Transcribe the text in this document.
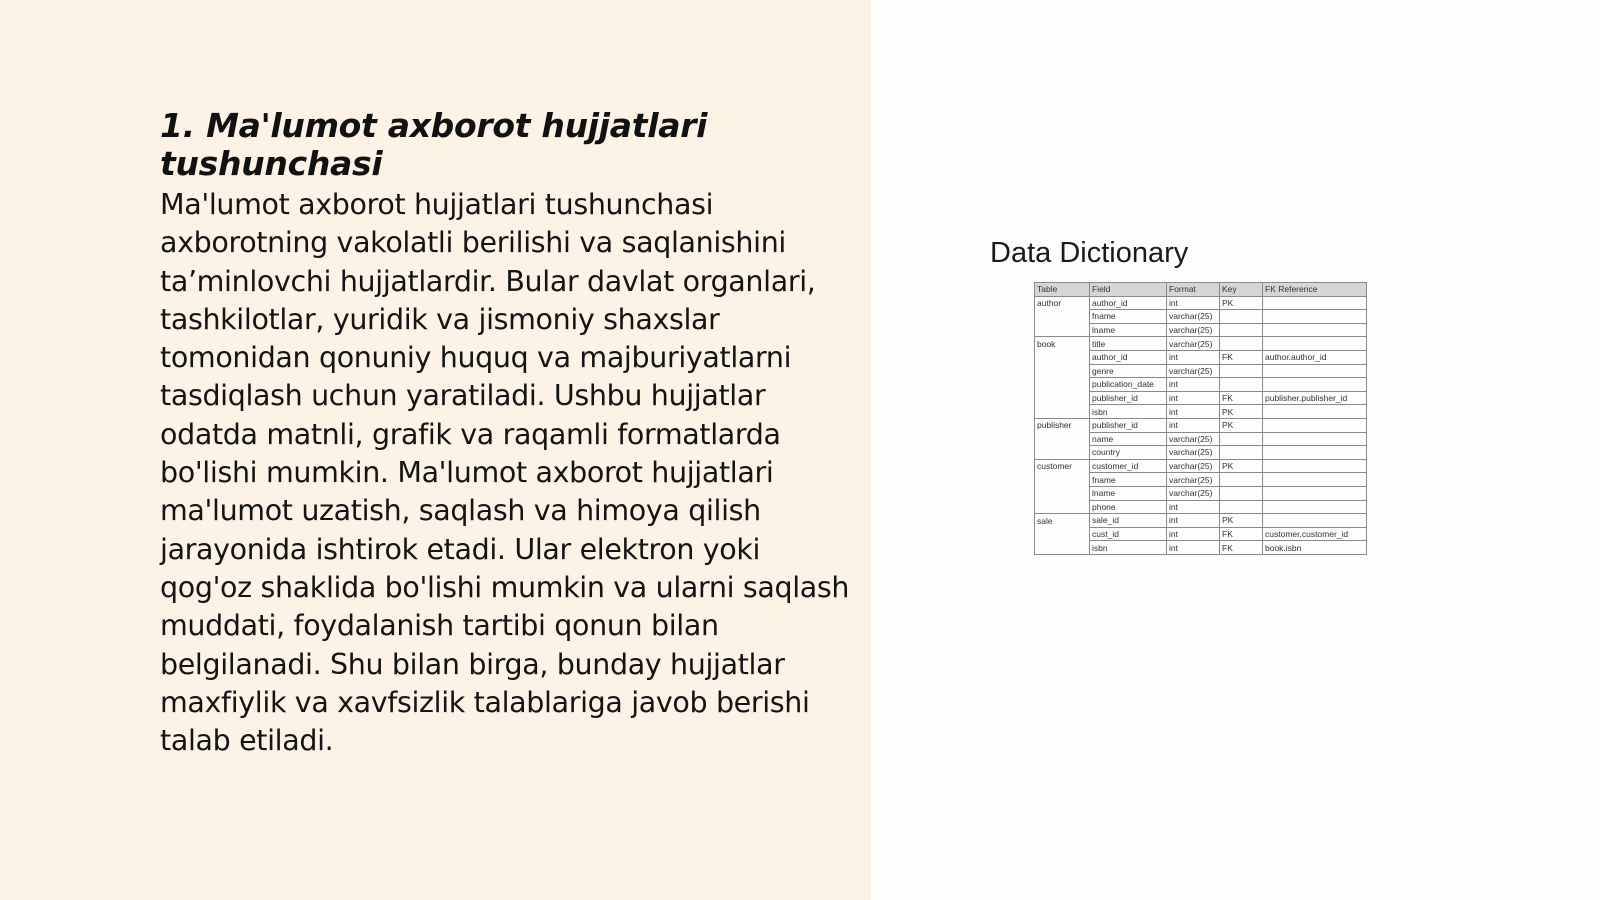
1. Ma'lumot axborot hujjatlari tushunchasi

Ma'lumot axborot hujjatlari tushunchasi axborotning vakolatli berilishi va saqlanishini ta’minlovchi hujjatlardir. Bular davlat organlari, tashkilotlar, yuridik va jismoniy shaxslar tomonidan qonuniy huquq va majburiyatlarni tasdiqlash uchun yaratiladi. Ushbu hujjatlar odatda matnli, grafik va raqamli formatlarda bo'lishi mumkin. Ma'lumot axborot hujjatlari ma'lumot uzatish, saqlash va himoya qilish jarayonida ishtirok etadi. Ular elektron yoki qog'oz shaklida bo'lishi mumkin va ularni saqlash muddati, foydalanish tartibi qonun bilan belgilanadi. Shu bilan birga, bunday hujjatlar maxfiylik va xavfsizlik talablariga javob berishi talab etiladi.

Data Dictionary
Table	Field	Format	Key	FK Reference
author	author_id	int	PK	
	fname	varchar(25)		
	lname	varchar(25)		
book	title	varchar(25)		
	author_id	int	FK	author.author_id
	genre	varchar(25)		
	publication_date	int		
	publisher_id	int	FK	publisher.publisher_id
	isbn	int	PK	
publisher	publisher_id	int	PK	
	name	varchar(25)		
	country	varchar(25)		
customer	customer_id	varchar(25)	PK	
	fname	varchar(25)		
	lname	varchar(25)		
	phone	int		
sale	sale_id	int	PK	
	cust_id	int	FK	customer.customer_id
	isbn	int	FK	book.isbn
